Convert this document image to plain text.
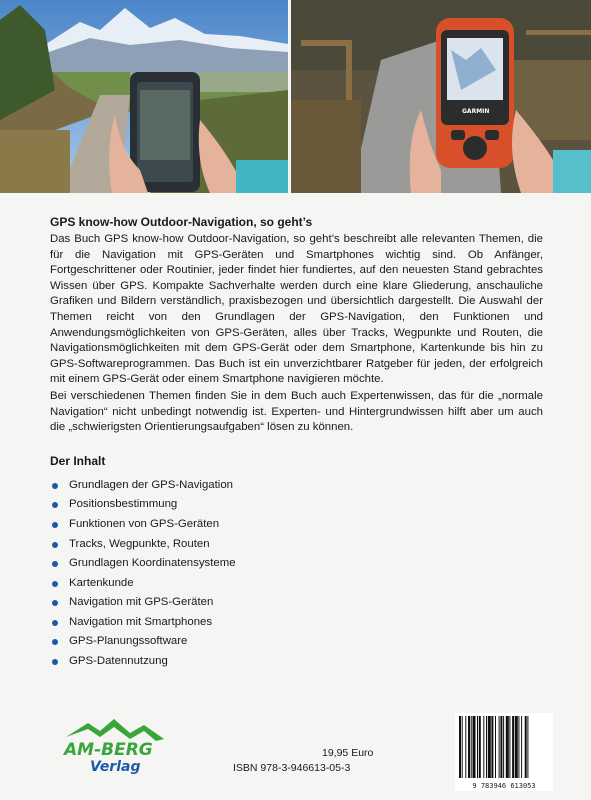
GARMIN
GPS know-how Outdoor-Navigation, so geht’s

Das Buch GPS know-how Outdoor-Navigation, so geht’s beschreibt alle relevanten Themen, die für die Navigation mit GPS-Geräten und Smartphones wichtig sind. Ob Anfänger, Fortgeschrittener oder Routinier, jeder findet hier fundiertes, auf den neuesten Stand gebrachtes Wissen über GPS. Kompakte Sachverhalte werden durch eine klare Gliederung, anschauliche Grafiken und Bildern verständlich, praxisbezogen und übersichtlich dargestellt. Die Auswahl der Themen reicht von den Grundlagen der GPS-Navigation, den Funktionen und Anwendungsmöglichkeiten von GPS-Geräten, alles über Tracks, Wegpunkte und Routen, die Navigationsmöglichkeiten mit dem GPS-Gerät oder dem Smartphone, Kartenkunde bis hin zu GPS-Softwareprogrammen. Das Buch ist ein unverzichtbarer Ratgeber für jeden, der erfolgreich mit einem GPS-Gerät oder einem Smartphone navigieren möchte.

Bei verschiedenen Themen finden Sie in dem Buch auch Expertenwissen, das für die „normale Navigation“ nicht unbedingt notwendig ist. Experten- und Hintergrundwissen hilft aber um auch die „schwierigsten Orientierungsaufgaben“ lösen zu können.

Der Inhalt
Grundlagen der GPS-Navigation
Positionsbestimmung
Funktionen von GPS-Geräten
Tracks, Wegpunkte, Routen
Grundlagen Koordinatensysteme
Kartenkunde
Navigation mit GPS-Geräten
Navigation mit Smartphones
GPS-Planungssoftware
GPS-Datennutzung
AM-BERG
Verlag
19,95 Euro
ISBN 978-3-946613-05-3
9 783946 613053
